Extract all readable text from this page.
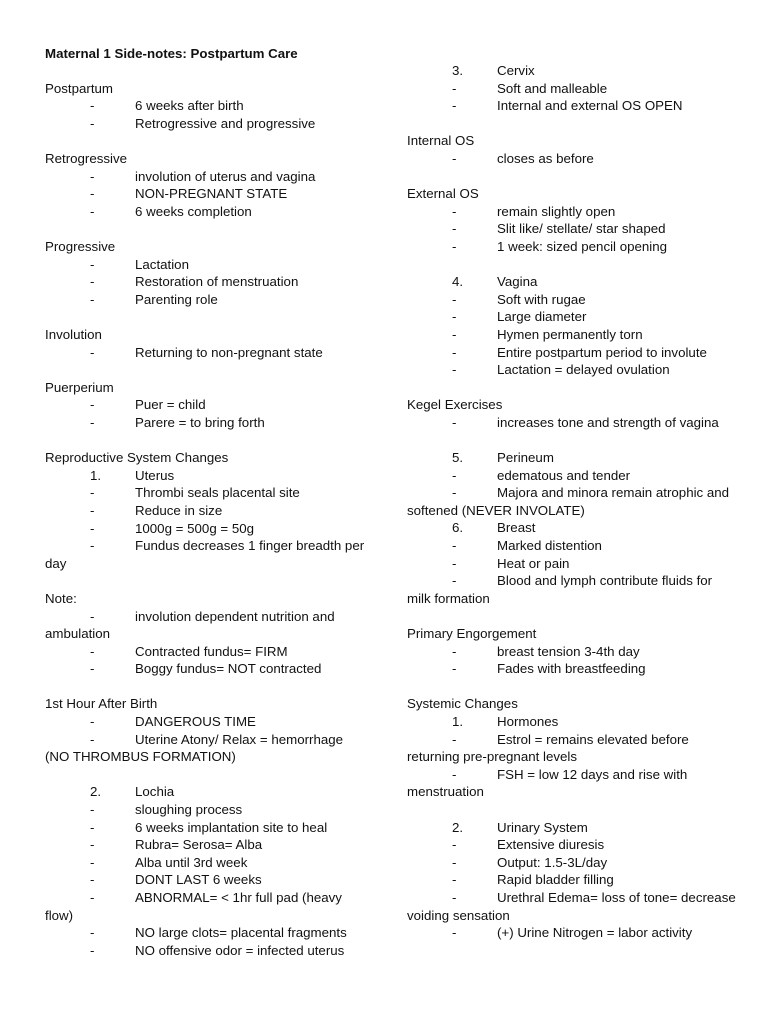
Maternal 1 Side-notes: Postpartum Care

Postpartum

-	6 weeks after birth

-	Retrogressive and progressive

Retrogressive

-	involution of uterus and vagina

-	NON-PREGNANT STATE

-	6 weeks completion

Progressive

-	Lactation

-	Restoration of menstruation

-	Parenting role

Involution

-	Returning to non-pregnant state

Puerperium

-	Puer = child

-	Parere = to bring forth

Reproductive System Changes

1.	Uterus

-	Thrombi seals placental site

-	Reduce in size

-	1000g = 500g = 50g

-	Fundus decreases 1 finger breadth per day

Note:

-	involution dependent nutrition and ambulation

-	Contracted fundus= FIRM

-	Boggy fundus= NOT contracted

1st Hour After Birth

-	DANGEROUS TIME

-	Uterine Atony/ Relax = hemorrhage (NO THROMBUS FORMATION)

2.	Lochia

-	sloughing process

-	6 weeks implantation site to heal

-	Rubra= Serosa= Alba

-	Alba until 3rd week

-	DONT LAST 6 weeks

-	ABNORMAL= < 1hr full pad (heavy flow)

-	NO large clots= placental fragments

-	NO offensive odor = infected uterus

3.	Cervix

-	Soft and malleable

-	Internal and external OS OPEN

Internal OS

-	closes as before

External OS

-	remain slightly open

-	Slit like/ stellate/ star shaped

-	1 week: sized pencil opening

4.	Vagina

-	Soft with rugae

-	Large diameter

-	Hymen permanently torn

-	Entire postpartum period to involute

-	Lactation = delayed ovulation

Kegel Exercises

-	increases tone and strength of vagina

5.	Perineum

-	edematous and tender

-	Majora and minora remain atrophic and softened (NEVER INVOLATE)

6.	Breast

-	Marked distention

-	Heat or pain

-	Blood and lymph contribute fluids for milk formation

Primary Engorgement

-	breast tension 3-4th day

-	Fades with breastfeeding

Systemic Changes

1.	Hormones

-	Estrol = remains elevated before returning pre-pregnant levels

-	FSH = low 12 days and rise with menstruation

2.	Urinary System

-	Extensive diuresis

-	Output: 1.5-3L/day

-	Rapid bladder filling

-	Urethral Edema= loss of tone= decrease voiding sensation

-	(+) Urine Nitrogen = labor activity
